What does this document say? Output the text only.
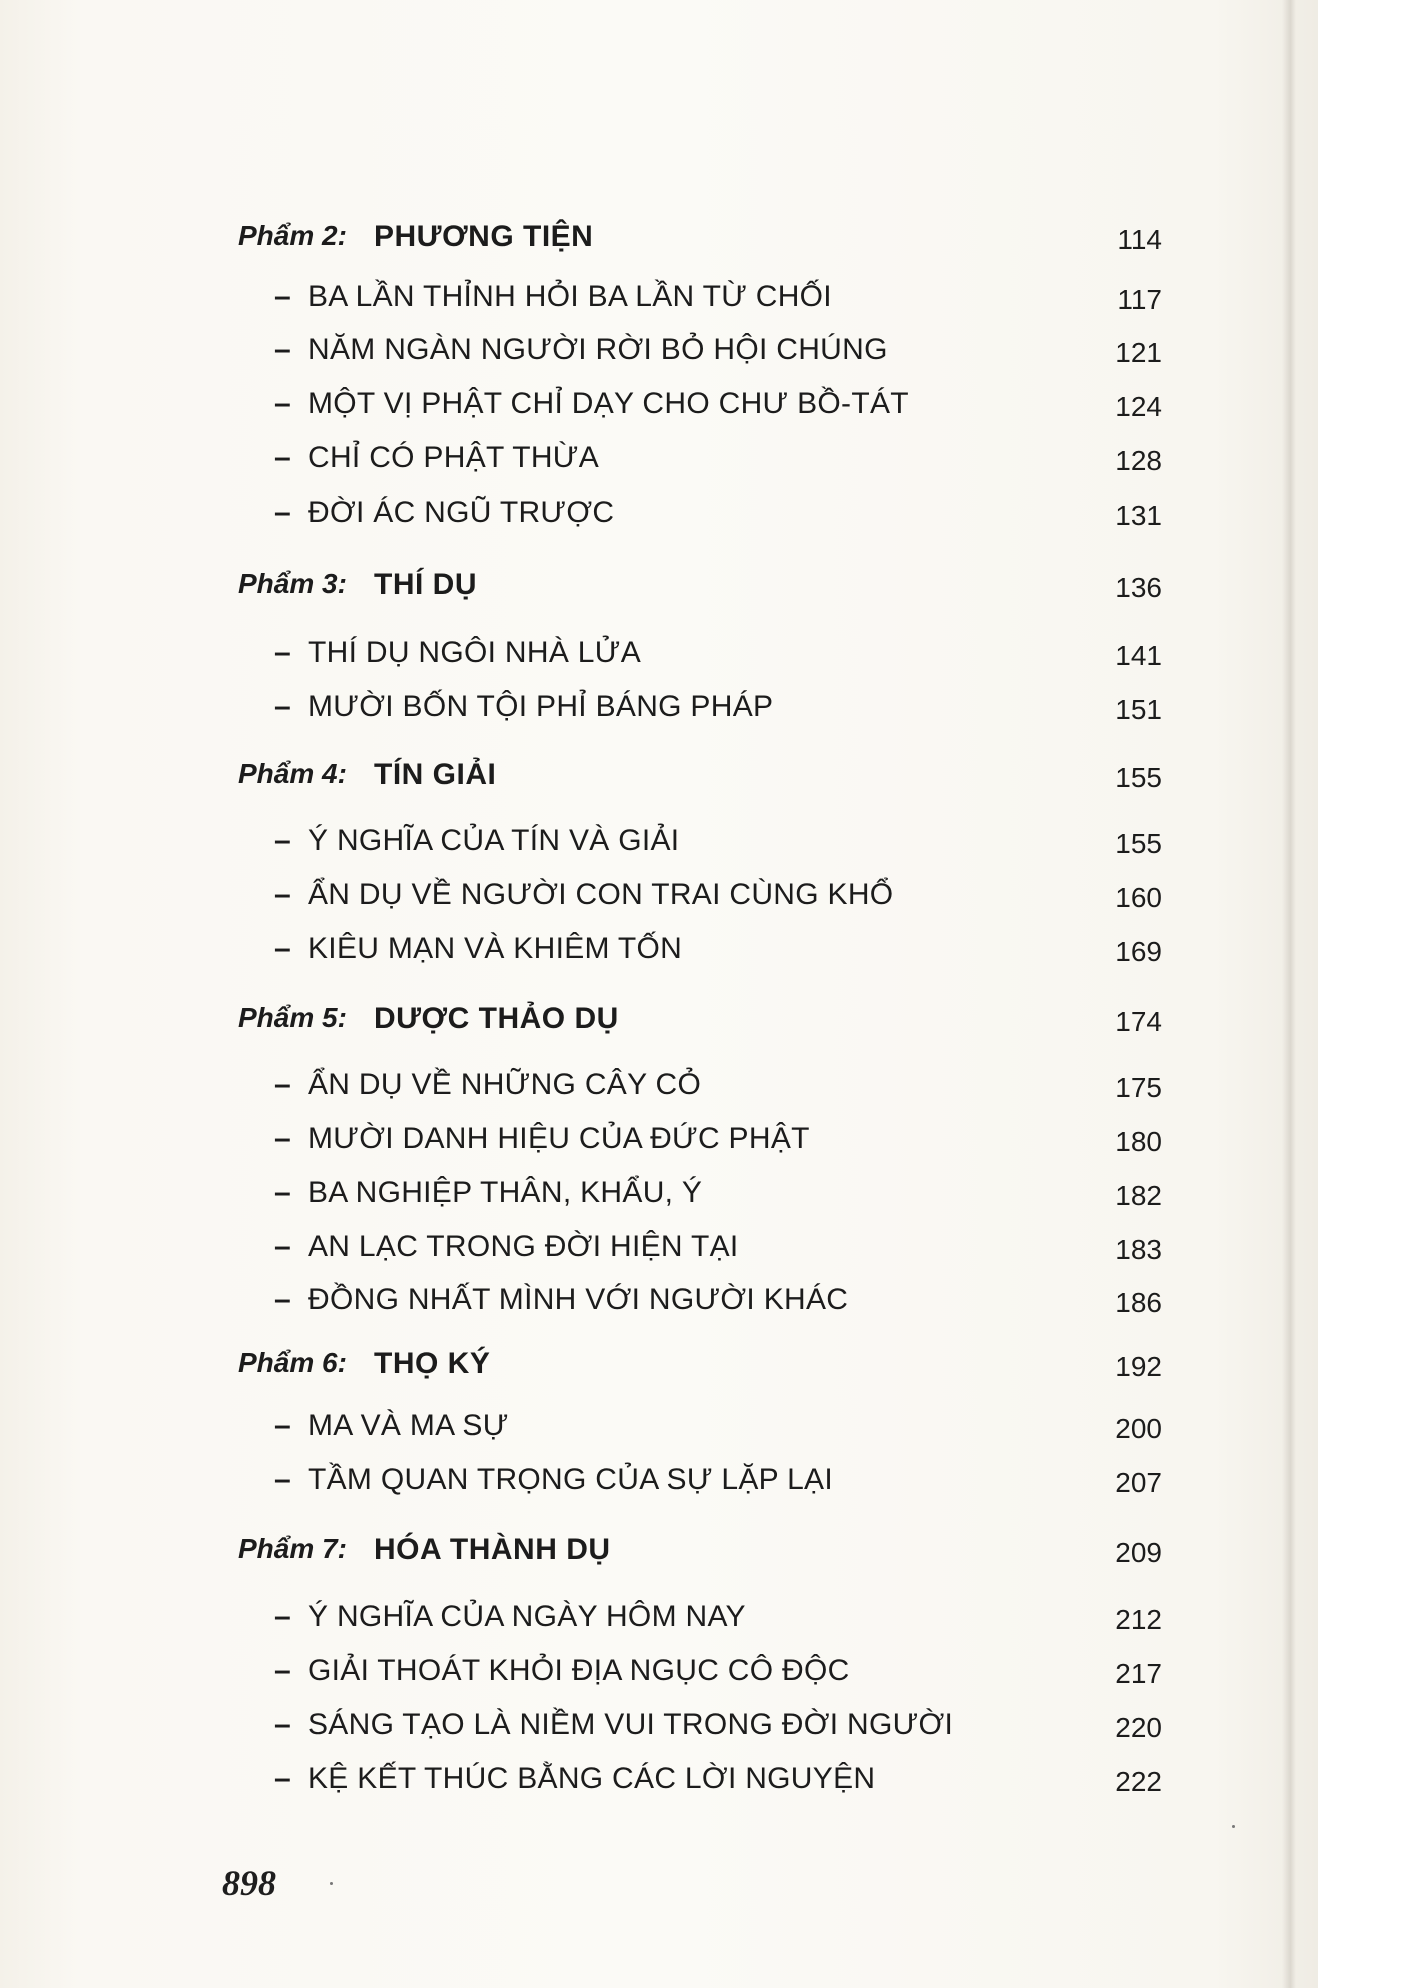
Phẩm 2: PHƯƠNG TIỆN	114
– BA LẦN THỈNH HỎI BA LẦN TỪ CHỐI	117
– NĂM NGÀN NGƯỜI RỜI BỎ HỘI CHÚNG	121
– MỘT VỊ PHẬT CHỈ DẠY CHO CHƯ BỒ-TÁT	124
– CHỈ CÓ PHẬT THỪA	128
– ĐỜI ÁC NGŨ TRƯỢC	131
Phẩm 3: THÍ DỤ	136
– THÍ DỤ NGÔI NHÀ LỬA	141
– MƯỜI BỐN TỘI PHỈ BÁNG PHÁP	151
Phẩm 4: TÍN GIẢI	155
– Ý NGHĨA CỦA TÍN VÀ GIẢI	155
– ẨN DỤ VỀ NGƯỜI CON TRAI CÙNG KHỔ	160
– KIÊU MẠN VÀ KHIÊM TỐN	169
Phẩm 5: DƯỢC THẢO DỤ	174
– ẨN DỤ VỀ NHỮNG CÂY CỎ	175
– MƯỜI DANH HIỆU CỦA ĐỨC PHẬT	180
– BA NGHIỆP THÂN, KHẨU, Ý	182
– AN LẠC TRONG ĐỜI HIỆN TẠI	183
– ĐỒNG NHẤT MÌNH VỚI NGƯỜI KHÁC	186
Phẩm 6: THỌ KÝ	192
– MA VÀ MA SỰ	200
– TẦM QUAN TRỌNG CỦA SỰ LẶP LẠI	207
Phẩm 7: HÓA THÀNH DỤ	209
– Ý NGHĨA CỦA NGÀY HÔM NAY	212
– GIẢI THOÁT KHỎI ĐỊA NGỤC CÔ ĐỘC	217
– SÁNG TẠO LÀ NIỀM VUI TRONG ĐỜI NGƯỜI	220
– KỆ KẾT THÚC BẰNG CÁC LỜI NGUYỆN	222
898
